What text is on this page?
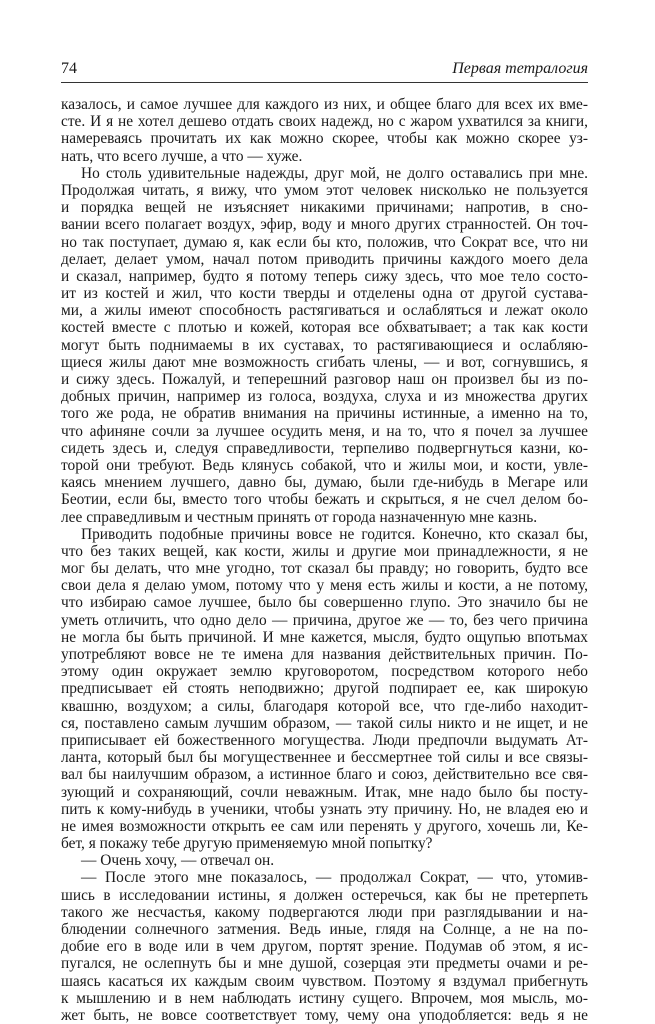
74	Первая тетралогия
казалось, и самое лучшее для каждого из них, и общее благо для всех их вме-
сте. И я не хотел дешево отдать своих надежд, но с жаром ухватился за книги,
намереваясь прочитать их как можно скорее, чтобы как можно скорее уз-
нать, что всего лучше, а что — хуже.
Но столь удивительные надежды, друг мой, не долго оставались при мне.
Продолжая читать, я вижу, что умом этот человек нисколько не пользуется
и порядка вещей не изъясняет никакими причинами; напротив, в сно-
вании всего полагает воздух, эфир, воду и много других странностей. Он точ-
но так поступает, думаю я, как если бы кто, положив, что Сократ все, что ни
делает, делает умом, начал потом приводить причины каждого моего дела
и сказал, например, будто я потому теперь сижу здесь, что мое тело состо-
ит из костей и жил, что кости тверды и отделены одна от другой сустава-
ми, а жилы имеют способность растягиваться и ослабляться и лежат около
костей вместе с плотью и кожей, которая все обхватывает; а так как кости
могут быть поднимаемы в их суставах, то растягивающиеся и ослабляю-
щиеся жилы дают мне возможность сгибать члены, — и вот, согнувшись, я
и сижу здесь. Пожалуй, и теперешний разговор наш он произвел бы из по-
добных причин, например из голоса, воздуха, слуха и из множества других
того же рода, не обратив внимания на причины истинные, а именно на то,
что афиняне сочли за лучшее осудить меня, и на то, что я почел за лучшее
сидеть здесь и, следуя справедливости, терпеливо подвергнуться казни, ко-
торой они требуют. Ведь клянусь собакой, что и жилы мои, и кости, увле-
каясь мнением лучшего, давно бы, думаю, были где-нибудь в Мегаре или
Беотии, если бы, вместо того чтобы бежать и скрыться, я не счел делом бо-
лее справедливым и честным принять от города назначенную мне казнь.
Приводить подобные причины вовсе не годится. Конечно, кто сказал бы,
что без таких вещей, как кости, жилы и другие мои принадлежности, я не
мог бы делать, что мне угодно, тот сказал бы правду; но говорить, будто все
свои дела я делаю умом, потому что у меня есть жилы и кости, а не потому,
что избираю самое лучшее, было бы совершенно глупо. Это значило бы не
уметь отличить, что одно дело — причина, другое же — то, без чего причина
не могла бы быть причиной. И мне кажется, мысля, будто ощупью впотьмах
употребляют вовсе не те имена для названия действительных причин. По-
этому один окружает землю круговоротом, посредством которого небо
предписывает ей стоять неподвижно; другой подпирает ее, как широкую
квашню, воздухом; а силы, благодаря которой все, что где-либо находит-
ся, поставлено самым лучшим образом, — такой силы никто и не ищет, и не
приписывает ей божественного могущества. Люди предпочли выдумать Ат-
ланта, который был бы могущественнее и бессмертнее той силы и все связы-
вал бы наилучшим образом, а истинное благо и союз, действительно все свя-
зующий и сохраняющий, сочли неважным. Итак, мне надо было бы посту-
пить к кому-нибудь в ученики, чтобы узнать эту причину. Но, не владея ею и
не имея возможности открыть ее сам или перенять у другого, хочешь ли, Ке-
бет, я покажу тебе другую применяемую мной попытку?
— Очень хочу, — отвечал он.
— После этого мне показалось, — продолжал Сократ, — что, утомив-
шись в исследовании истины, я должен остеречься, как бы не претерпеть
такого же несчастья, какому подвергаются люди при разглядывании и на-
блюдении солнечного затмения. Ведь иные, глядя на Солнце, а не на по-
добие его в воде или в чем другом, портят зрение. Подумав об этом, я ис-
пугался, не ослепнуть бы и мне душой, созерцая эти предметы очами и ре-
шаясь касаться их каждым своим чувством. Поэтому я вздумал прибегнуть
к мышлению и в нем наблюдать истину сущего. Впрочем, моя мысль, мо-
жет быть, не вовсе соответствует тому, чему она уподобляется: ведь я не
